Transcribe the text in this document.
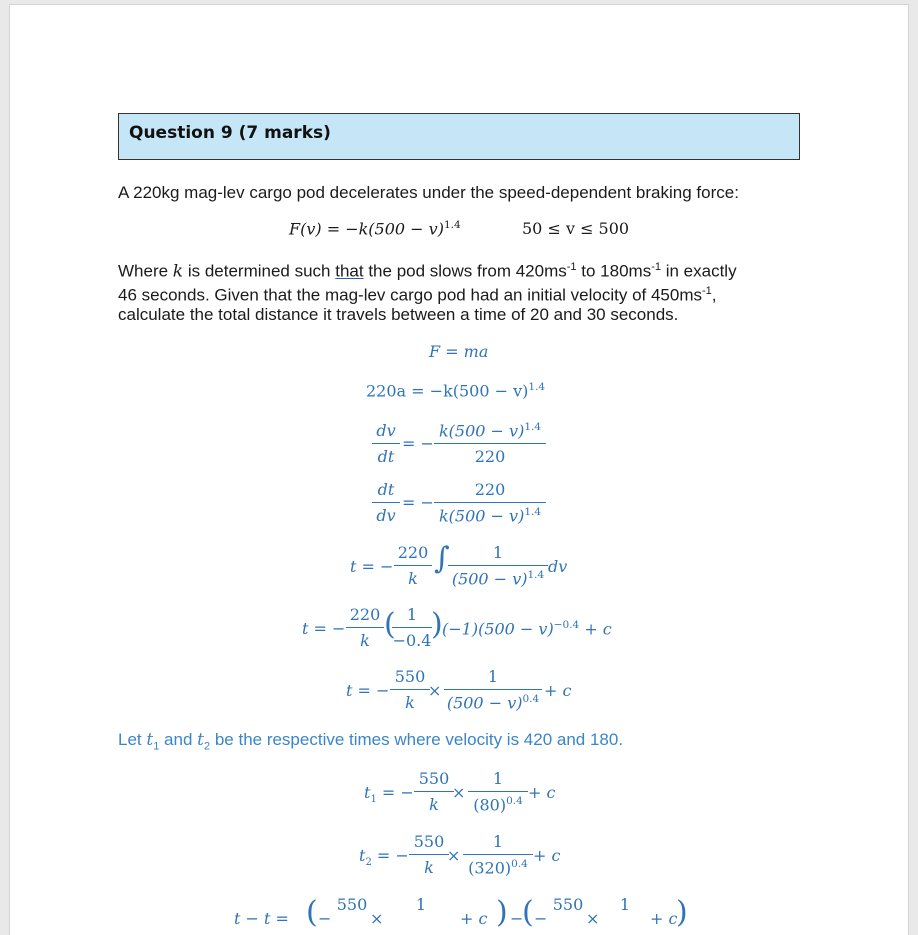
Question 9 (7 marks)
A 220kg mag-lev cargo pod decelerates under the speed-dependent braking force:
$F(v) = -k(500 - v)^{1.4}$	50 ≤ v ≤ 500
Where k is determined such that the pod slows from $420ms^{-1}$ to $180ms^{-1}$ in exactly
46 seconds. Given that the mag-lev cargo pod had an initial velocity of $450ms^{-1}$,
calculate the total distance it travels between a time of 20 and 30 seconds.
F = ma
$220a = -k(500 - v)^{1.4}$
$\frac{dv}{dt}$ = − $\frac{k(500 - v)^{1.4}}{220}$
$\frac{dt}{dv}$ = − $\frac{220}{k(500 - v)^{1.4}}$
t = − $\frac{220}{k}$ ∫
$\frac{1}{(500 - v)^{1.4}}$ dv
t = − $\frac{220}{k}$ (
$\frac{1}{-0.4}$ ) $(-1)(500 - v)^{-0.4} + c$
t = − $\frac{550}{k}$
× $\frac{1}{(500 - v)^{0.4}} + c$
Let $t_1$ and $t_2$ be the respective times where velocity is 420 and 180.
$t_1$ = − $\frac{550}{k}$
× $\frac{1}{(80)^{0.4}} + c$
$t_2$ = − $\frac{550}{k}$
× $\frac{1}{(320)^{0.4}} + c$
t − t = ( −
550
×
1
+ c ) −
( −
550
×
1
+ c
)
